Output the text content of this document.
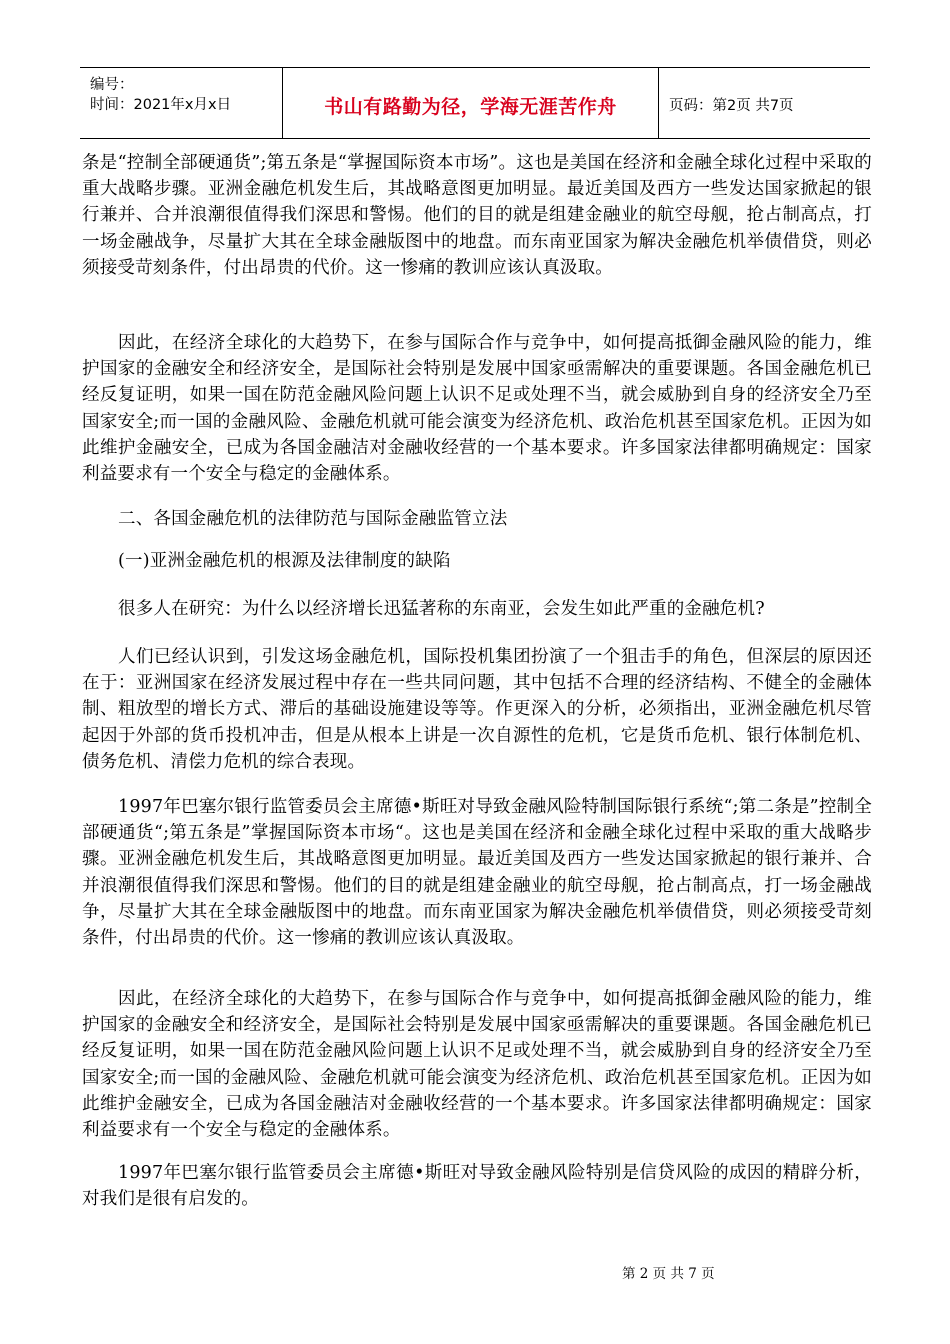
编号：
时间：2021年x月x日	书山有路勤为径，学海无涯苦作舟	页码：第2页 共7页

条是“控制全部硬通货”;第五条是“掌握国际资本市场”。这也是美国在经济和金融全球化过程中采取的重大战略步骤。亚洲金融危机发生后，其战略意图更加明显。最近美国及西方一些发达国家掀起的银行兼并、合并浪潮很值得我们深思和警惕。他们的目的就是组建金融业的航空母舰，抢占制高点，打一场金融战争，尽量扩大其在全球金融版图中的地盘。而东南亚国家为解决金融危机举债借贷，则必须接受苛刻条件，付出昂贵的代价。这一惨痛的教训应该认真汲取。

因此，在经济全球化的大趋势下，在参与国际合作与竞争中，如何提高抵御金融风险的能力，维护国家的金融安全和经济安全，是国际社会特别是发展中国家亟需解决的重要课题。各国金融危机已经反复证明，如果一国在防范金融风险问题上认识不足或处理不当，就会威胁到自身的经济安全乃至国家安全;而一国的金融风险、金融危机就可能会演变为经济危机、政治危机甚至国家危机。正因为如此维护金融安全，已成为各国金融洁对金融收经营的一个基本要求。许多国家法律都明确规定：国家利益要求有一个安全与稳定的金融体系。

二、各国金融危机的法律防范与国际金融监管立法

(一)亚洲金融危机的根源及法律制度的缺陷

很多人在研究：为什么以经济增长迅猛著称的东南亚，会发生如此严重的金融危机?

人们已经认识到，引发这场金融危机，国际投机集团扮演了一个狙击手的角色，但深层的原因还在于：亚洲国家在经济发展过程中存在一些共同问题，其中包括不合理的经济结构、不健全的金融体制、粗放型的增长方式、滞后的基础设施建设等等。作更深入的分析，必须指出，亚洲金融危机尽管起因于外部的货币投机冲击，但是从根本上讲是一次自源性的危机，它是货币危机、银行体制危机、债务危机、清偿力危机的综合表现。

1997年巴塞尔银行监管委员会主席德•斯旺对导致金融风险特制国际银行系统“;第二条是”控制全部硬通货“;第五条是”掌握国际资本市场“。这也是美国在经济和金融全球化过程中采取的重大战略步骤。亚洲金融危机发生后，其战略意图更加明显。最近美国及西方一些发达国家掀起的银行兼并、合并浪潮很值得我们深思和警惕。他们的目的就是组建金融业的航空母舰，抢占制高点，打一场金融战争，尽量扩大其在全球金融版图中的地盘。而东南亚国家为解决金融危机举债借贷，则必须接受苛刻条件，付出昂贵的代价。这一惨痛的教训应该认真汲取。

因此，在经济全球化的大趋势下，在参与国际合作与竞争中，如何提高抵御金融风险的能力，维护国家的金融安全和经济安全，是国际社会特别是发展中国家亟需解决的重要课题。各国金融危机已经反复证明，如果一国在防范金融风险问题上认识不足或处理不当，就会威胁到自身的经济安全乃至国家安全;而一国的金融风险、金融危机就可能会演变为经济危机、政治危机甚至国家危机。正因为如此维护金融安全，已成为各国金融洁对金融收经营的一个基本要求。许多国家法律都明确规定：国家利益要求有一个安全与稳定的金融体系。

1997年巴塞尔银行监管委员会主席德•斯旺对导致金融风险特别是信贷风险的成因的精辟分析，对我们是很有启发的。

第 2 页 共 7 页
